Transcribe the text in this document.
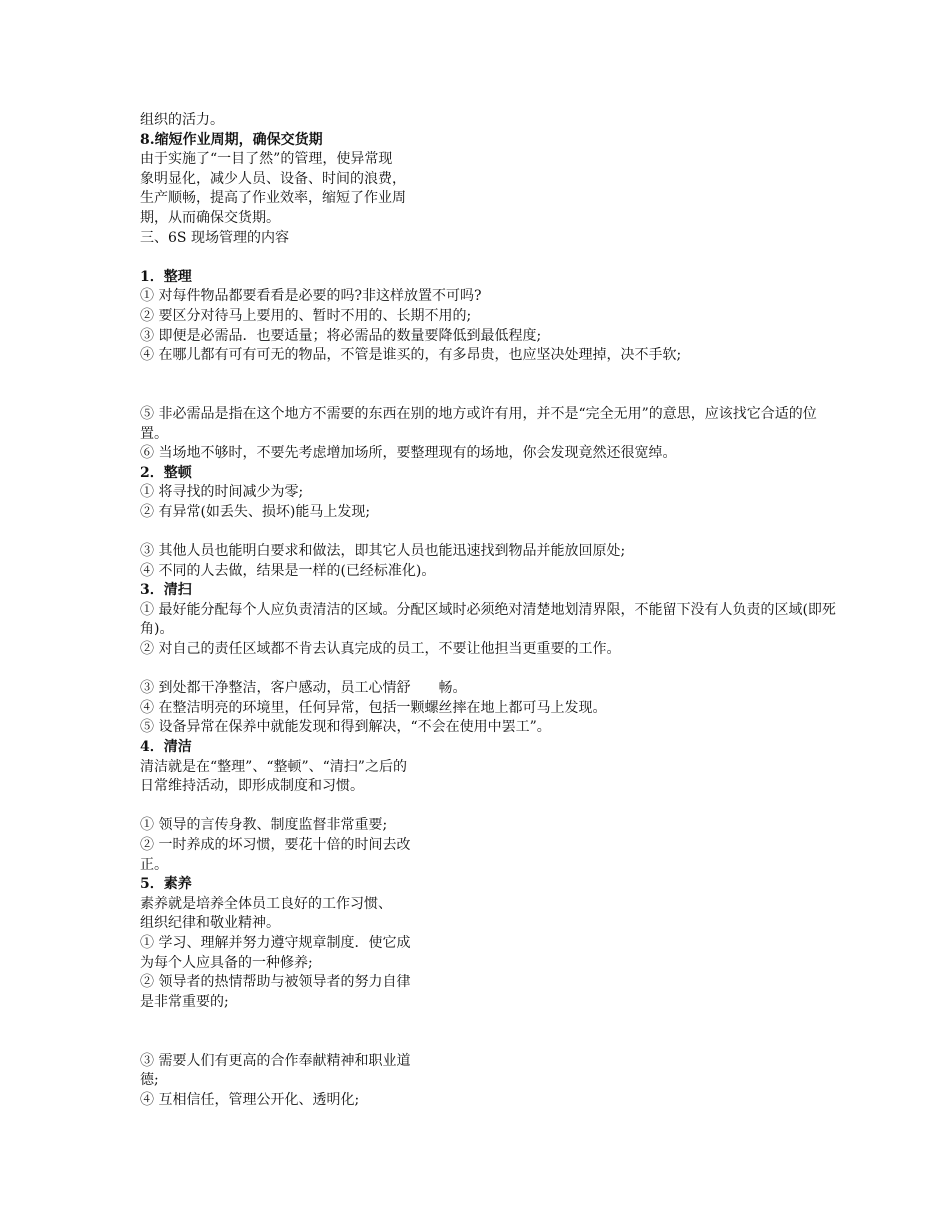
组织的活力。
8.缩短作业周期，确保交货期
由于实施了“一目了然”的管理，使异常现
象明显化，减少人员、设备、时间的浪费，
生产顺畅，提高了作业效率，缩短了作业周
期，从而确保交货期。
三、6S 现场管理的内容
1．整理
① 对每件物品都要看看是必要的吗?非这样放置不可吗?
② 要区分对待马上要用的、暂时不用的、长期不用的;
③ 即便是必需品．也要适量；将必需品的数量要降低到最低程度;
④ 在哪儿都有可有可无的物品，不管是谁买的，有多昂贵，也应坚决处理掉，决不手软;
⑤ 非必需品是指在这个地方不需要的东西在别的地方或许有用，并不是“完全无用”的意思，应该找它合适的位置。
⑥ 当场地不够时，不要先考虑增加场所，要整理现有的场地，你会发现竟然还很宽绰。
2．整顿
① 将寻找的时间减少为零;
② 有异常(如丢失、损坏)能马上发现;
③ 其他人员也能明白要求和做法，即其它人员也能迅速找到物品并能放回原处;
④ 不同的人去做，结果是一样的(已经标准化)。
3．清扫
① 最好能分配每个人应负责清洁的区域。分配区域时必须绝对清楚地划清界限，不能留下没有人负责的区域(即死角)。
② 对自己的责任区域都不肯去认真完成的员工，不要让他担当更重要的工作。
③ 到处都干净整洁，客户感动，员工心情舒　　畅。
④ 在整洁明亮的环境里，任何异常，包括一颗螺丝摔在地上都可马上发现。
⑤ 设备异常在保养中就能发现和得到解决，“不会在使用中罢工”。
4．清洁
清洁就是在“整理”、“整顿”、“清扫”之后的
日常维持活动，即形成制度和习惯。
① 领导的言传身教、制度监督非常重要;
② 一时养成的坏习惯，要花十倍的时间去改
正。
5．素养
素养就是培养全体员工良好的工作习惯、
组织纪律和敬业精神。
① 学习、理解并努力遵守规章制度．使它成
为每个人应具备的一种修养;
② 领导者的热情帮助与被领导者的努力自律
是非常重要的;
③ 需要人们有更高的合作奉献精神和职业道
德;
④ 互相信任，管理公开化、透明化;
